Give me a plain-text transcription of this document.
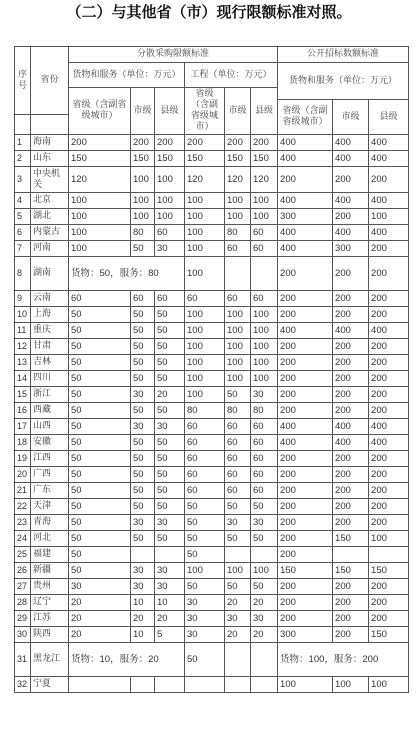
（二）与其他省（市）现行限额标准对照。
序号	省份	分散采购限额标准						公开招标数额标准		
		货物和服务（单位：万元）			工程（单位：万元）			货物和服务（单位：万元）		
		省级（含副省级城市）	市级	县级	省级（含副省级城市）	市级	县级			
								省级（含副省级城市）	市级	县级

1	海南	200	200	200	200	200	200	400	400	400
2	山东	150	150	150	150	150	150	400	400	400
3	中央机关	120	100	100	120	120	120	200	200	200
4	北京	100	100	100	100	100	100	400	400	400
5	湖北	100	100	100	100	100	100	300	200	100
6	内蒙古	100	80	60	100	80	60	400	400	400
7	河南	100	50	30	100	60	60	400	300	200
8	湖南	货物：50，服务：80			100			200	200	200
9	云南	60	60	60	60	60	60	200	200	200
10	上海	50	50	50	100	100	100	200	200	200
11	重庆	50	50	50	100	100	100	400	400	400
12	甘肃	50	50	50	100	100	100	200	200	200
13	吉林	50	50	50	100	100	100	200	200	200
14	四川	50	50	50	100	100	100	200	200	200
15	浙江	50	30	20	100	50	30	200	200	200
16	西藏	50	50	50	80	80	80	200	200	200
17	山西	50	30	30	60	60	60	400	400	400
18	安徽	50	50	50	60	60	60	400	400	400
19	江西	50	50	50	60	60	60	200	200	200
20	广西	50	50	50	60	60	60	200	200	200
21	广东	50	50	50	60	60	60	200	200	200
22	天津	50	50	50	50	50	50	200	200	200
23	青海	50	30	30	50	30	30	200	200	200
24	河北	50	50	50	50	50	50	200	150	100
25	福建	50			50			200		
26	新疆	50	30	30	100	100	100	150	150	150
27	贵州	30	30	30	50	50	50	200	200	200
28	辽宁	20	10	10	30	20	20	200	200	200
29	江苏	20	20	20	30	30	30	200	200	200
30	陕西	20	10	5	30	20	20	300	200	150
31	黑龙江	货物：10，服务：20			50			货物：100，服务：200		
32	宁夏							100	100	100
